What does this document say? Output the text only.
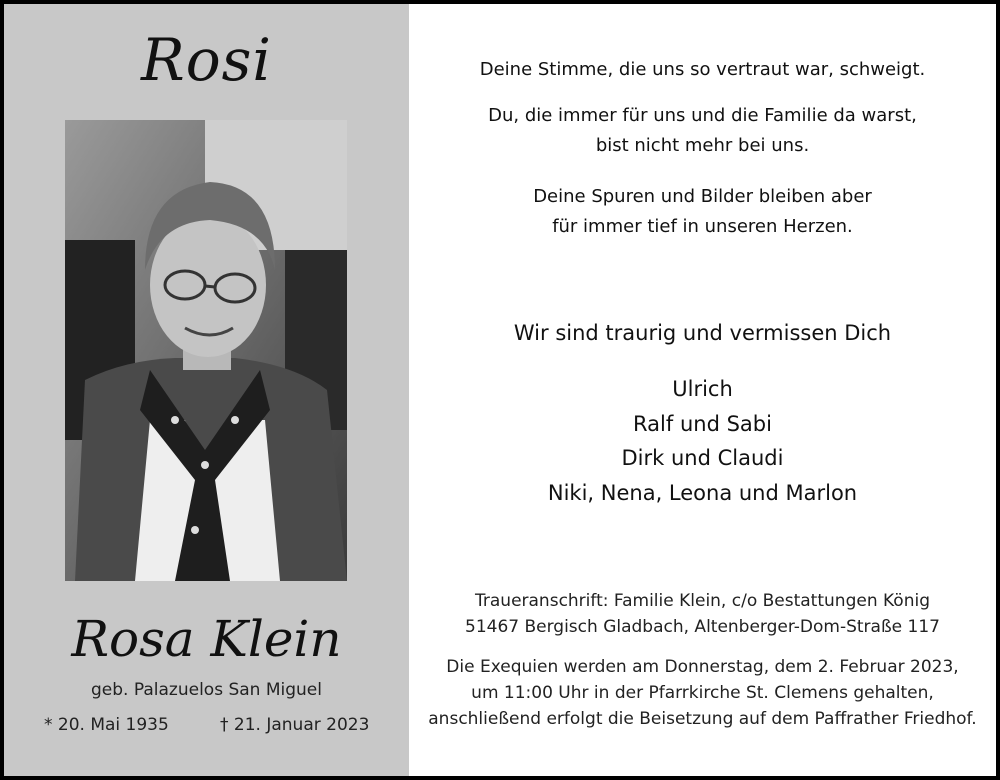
Rosi
Rosa Klein
geb. Palazuelos San Miguel
* 20. Mai 1935	† 21. Januar 2023

Deine Stimme, die uns so vertraut war, schweigt.

Du, die immer für uns und die Familie da warst,

bist nicht mehr bei uns.

Deine Spuren und Bilder bleiben aber

für immer tief in unseren Herzen.

Wir sind traurig und vermissen Dich
Ulrich
Ralf und Sabi
Dirk und Claudi
Niki, Nena, Leona und Marlon
Traueranschrift: Familie Klein, c/o Bestattungen König
51467 Bergisch Gladbach, Altenberger-Dom-Straße 117
Die Exequien werden am Donnerstag, dem 2. Februar 2023,
um 11:00 Uhr in der Pfarrkirche St. Clemens gehalten,
anschließend erfolgt die Beisetzung auf dem Paffrather Friedhof.
